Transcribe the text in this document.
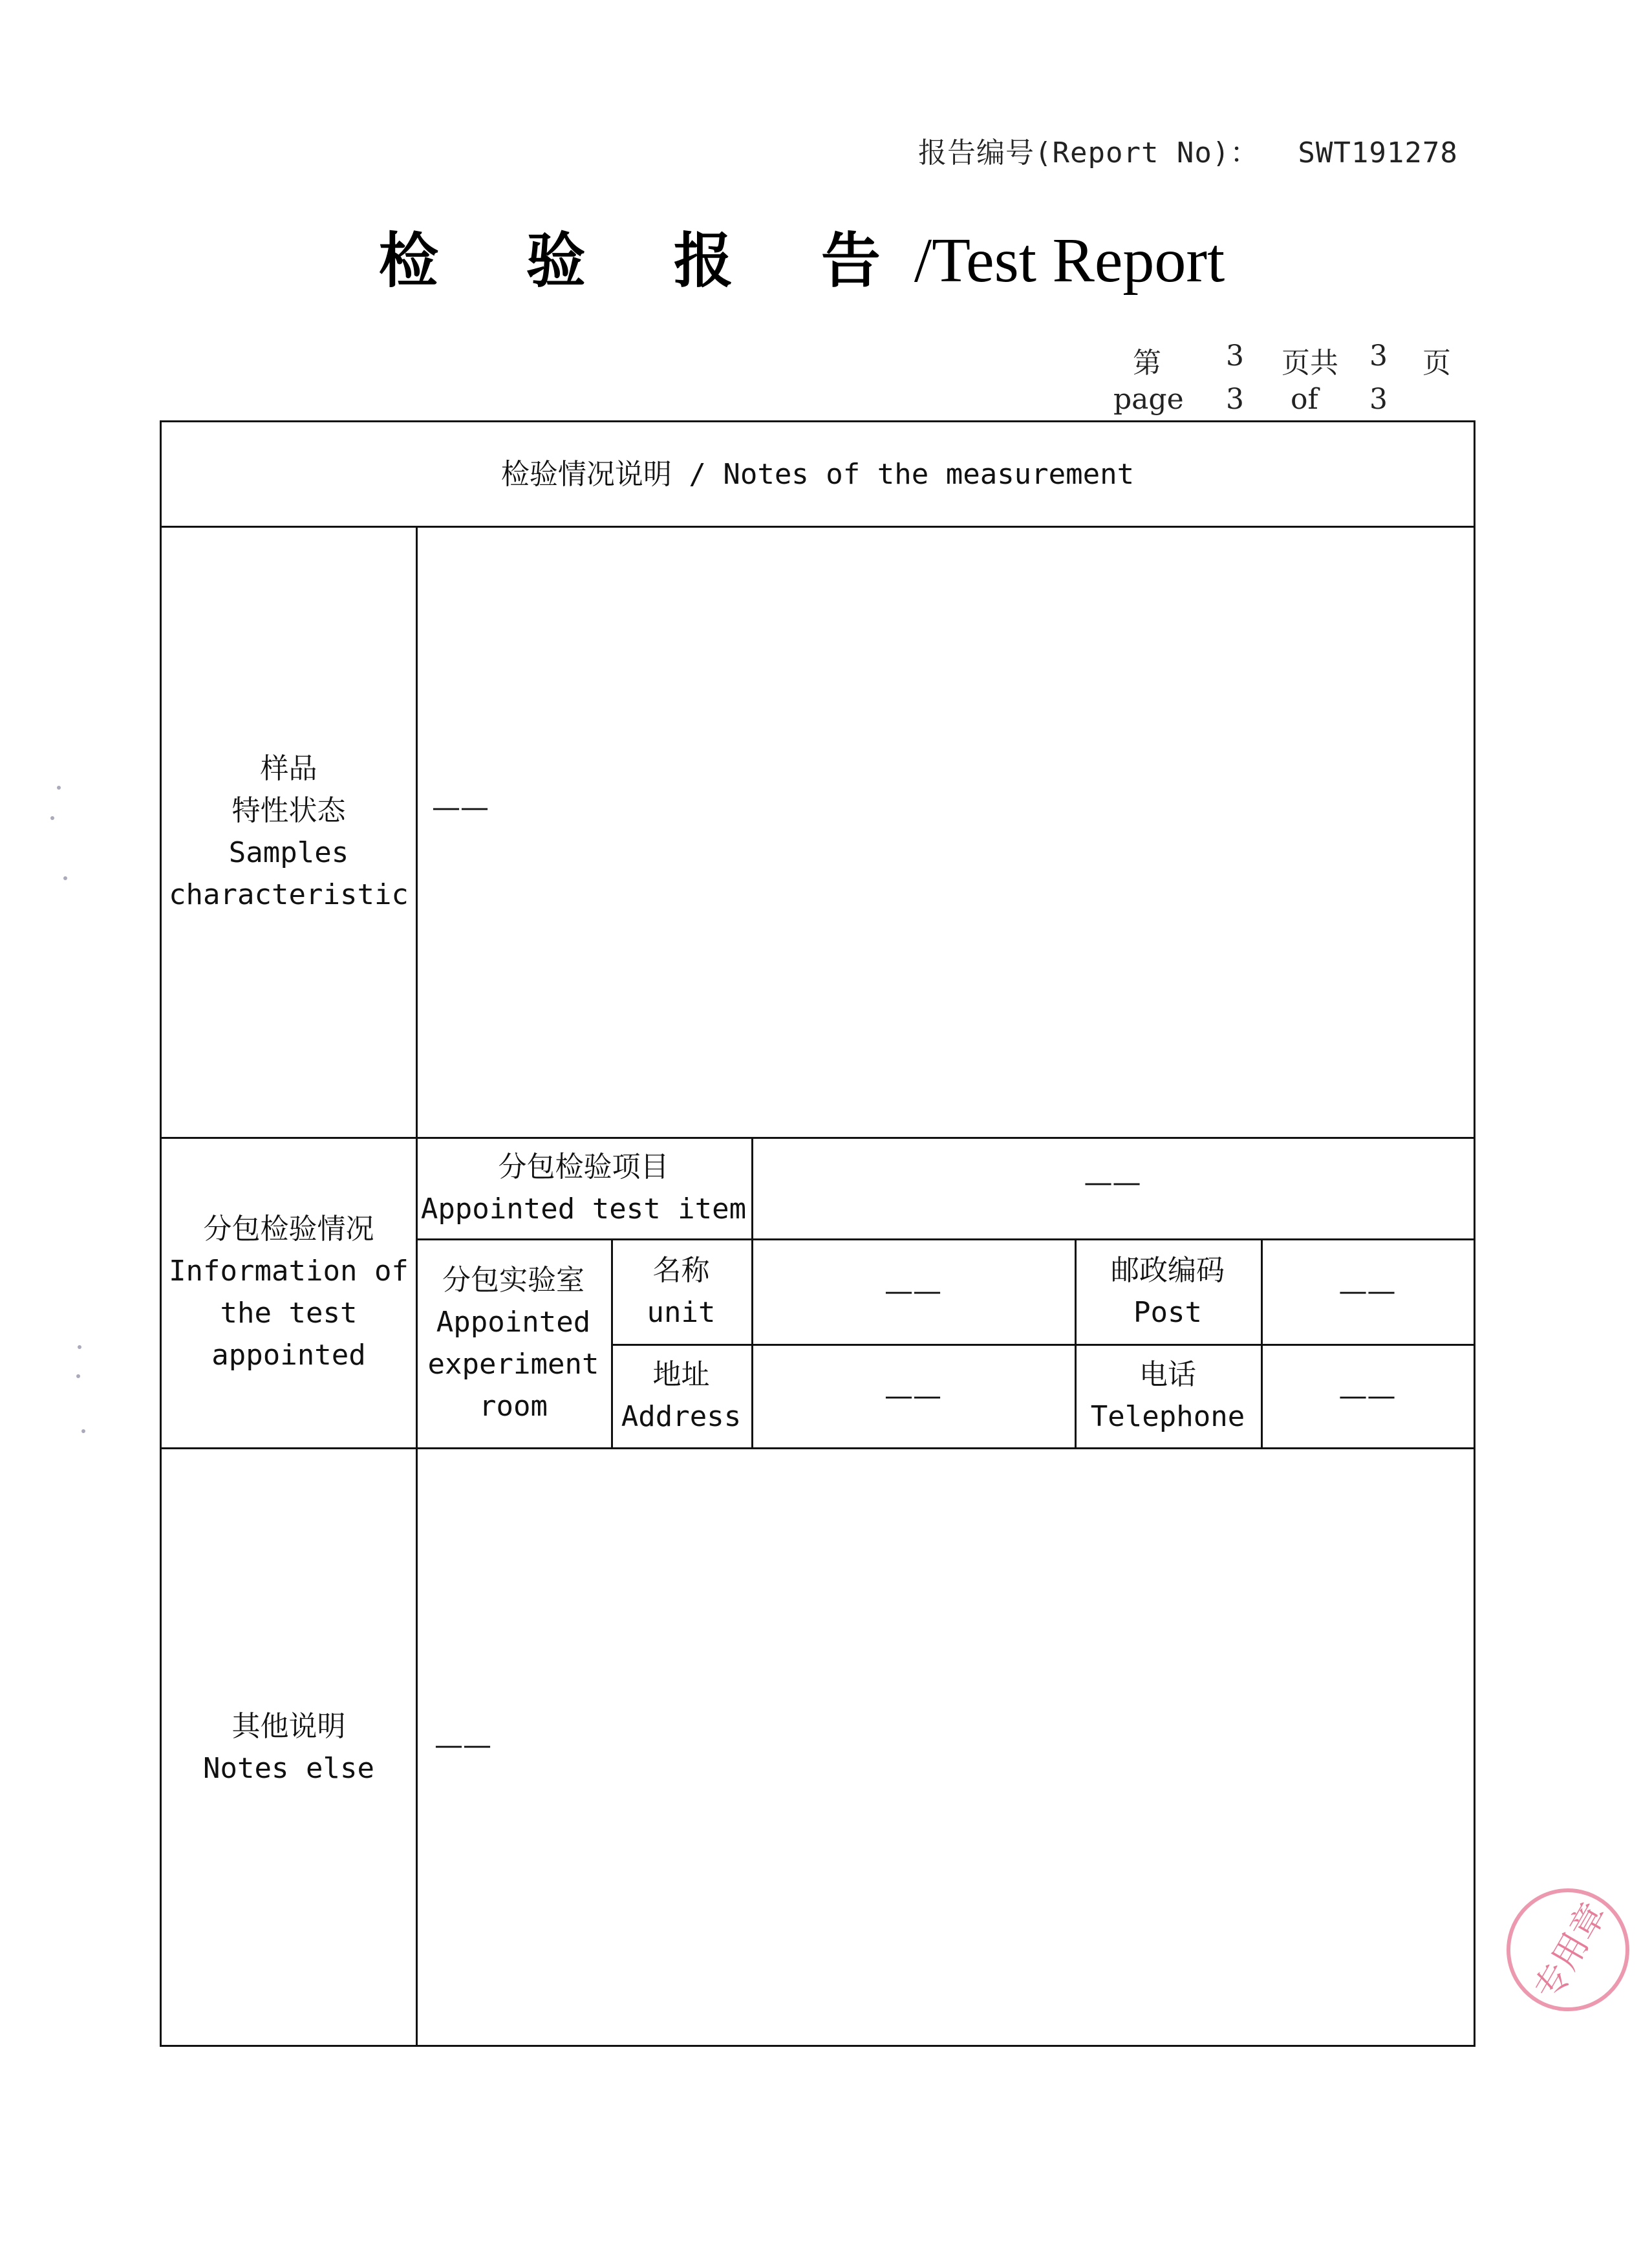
报告编号(Report No)： SWT191278
检 验 报 告/Test Report
第 3 页共 3 页
page 3 of 3
检验情况说明 / Notes of the measurement
样品
特性状态
Samples
characteristic
——
分包检验情况
Information of
the test
appointed
分包检验项目
Appointed test item
——
分包实验室
Appointed
experiment
room
名称
unit
——
邮政编码
Post
——
地址
Address
——
电话
Telephone
——
其他说明
Notes else
——
专用章
